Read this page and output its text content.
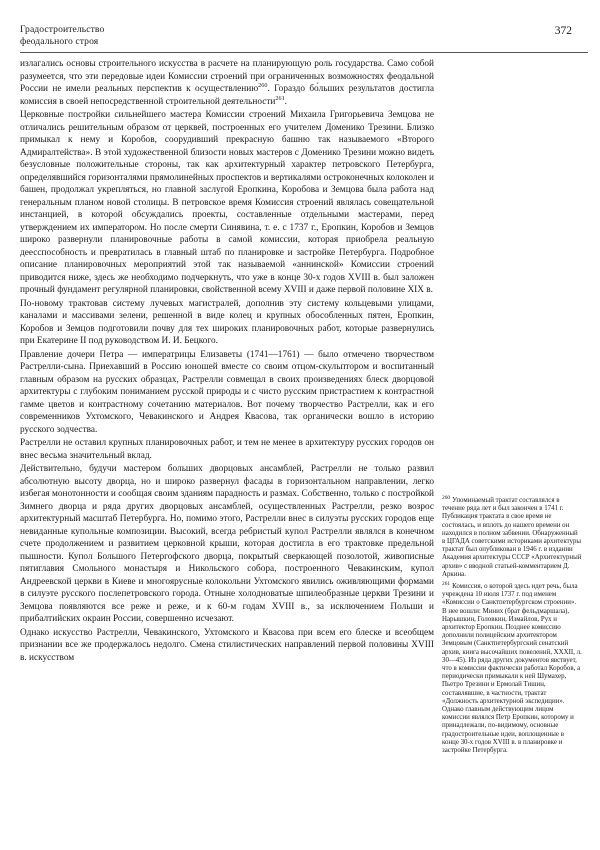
Градостроительство
феодального строя
372

излагались основы строительного искусства в расчете на планирующую роль государства. Само собой разумеется, что эти передовые идеи Комиссии строений при ограниченных возможностях феодальной России не имели реальных перспектив к осуществлению$^{260}$. Гораздо бо́льших результатов достигла комиссия в своей непосредственной строительной деятельности$^{261}$.

Церковные постройки сильнейшего мастера Комиссии строений Михаила Григорьевича Земцова не отличались решительным образом от церквей, построенных его учителем Доменико Трезини. Близко примыкал к нему и Коробов, соорудивший прекрасную башню так называемого «Второго Адмиралтейства». В этой художественной близости новых мастеров с Доменико Трезини можно видеть безусловные положительные стороны, так как архитектурный характер петровского Петербурга, определявшийся горизонталями прямолинейных проспектов и вертикалями остроконечных колоколен и башен, продолжал укрепляться, но главной заслугой Еропкина, Коробова и Земцова была работа над генеральным планом новой столицы. В петровское время Комиссия строений являлась совещательной инстанцией, в которой обсуждались проекты, составленные отдельными мастерами, перед утверждением их императором. Но после смерти Синявина, т. е. с 1737 г., Еропкин, Коробов и Земцов широко развернули планировочные работы в самой комиссии, которая приобрела реальную деесспособность и превратилась в главный штаб по планировке и застройке Петербурга. Подробное описание планировочных мероприятий этой так называемой «аннинской» Комиссии строений приводится ниже, здесь же необходимо подчеркнуть, что уже в конце 30-х годов XVIII в. был заложен прочный фундамент регулярной планировки, свойственной всему XVIII и даже первой половине XIX в.

По-новому трактовав систему лучевых магистралей, дополнив эту систему кольцевыми улицами, каналами и массивами зелени, решенной в виде колец и крупных обособленных пятен, Еропкин, Коробов и Земцов подготовили почву для тех широких планировочных работ, которые развернулись при Екатерине II под руководством И. И. Бецкого.

Правление дочери Петра — императрицы Елизаветы (1741—1761) — было отмечено творчеством Растрелли-сына. Приехавший в Россию юношей вместе со своим отцом-скульптором и воспитанный главным образом на русских образцах, Растрелли совмещал в своих произведениях блеск дворцовой архитектуры с глубоким пониманием русской природы и с чисто русским пристрастием к контрастной гамме цветов и контрастному сочетанию материалов. Вот почему творчество Растрелли, как и его современников Ухтомского, Чевакинского и Андрея Квасова, так органически вошло в историю русского зодчества.

Растрелли не оставил крупных планировочных работ, и тем не менее в архитектуру русских городов он внес весьма значительный вклад.

Действительно, будучи мастером больших дворцовых ансамблей, Растрелли не только развил абсолютную высоту дворца, но и широко развернул фасады в горизонтальном направлении, легко избегая монотонности и сообщая своим зданиям парадность и размах. Собственно, только с постройкой Зимнего дворца и ряда других дворцовых ансамблей, осуществленных Растрелли, резко возрос архитектурный масштаб Петербурга. Но, помимо этого, Растрелли внес в силуэты русских городов еще невиданные купольные композиции. Высокий, всегда ребристый купол Растрелли являлся в конечном счете продолжением и развитием церковной крыши, которая достигла в его трактовке предельной пышности. Купол Большого Петергофского дворца, покрытый сверкающей позолотой, живописные пятиглавия Смольного монастыря и Никольского собора, построенного Чевакинским, купол Андреевской церкви в Киеве и многоярусные колокольни Ухтомского явились оживляющими формами в силуэте русского послепетровского города. Отныне холодноватые шпилеобразные церкви Трезини и Земцова появляются все реже и реже, и к 60-м годам XVIII в., за исключением Польши и прибалтийских окраин России, совершенно исчезают.

Однако искусство Растрелли, Чевакинского, Ухтомского и Квасова при всем его блеске и всеобщем признании все же продержалось недолго. Смена стилистических направлений первой половины XVIII в. искусством

$^{260}$ Упоминаемый трактат составлялся в течение ряда лет и был закончен в 1741 г. Публикация трактата в свое время не состоялась, и вплоть до нашего времени он находился в полном забвении. Обнаруженный в ЦГАДА советскими историками архитектуры трактат был опубликован в 1946 г. в издании Академия архитектуры СССР «Архитектурный архив» с вводной статьей-комментарием Д. Аркина.
$^{261}$ Комиссия, о которой здесь идет речь, была учреждена 10 июля 1737 г. под именем «Комиссии о Санктпетербургском строении». В нее вошли: Миних (брат фельдмаршала), Нарышкин, Головкин, Измайлов, Рух и архитектор Еропкин. Позднее комиссию дополнили полицейским архитектором Земцовым (Санктпетербургский сенатский архив, книга высочайших повелений, XXXII, л. 30—45). Из ряда других документов явствует, что в комиссии фактически работал Коробов, а периодически примыкали к ней Шумахер, Пьетро Трезини и Ермолай Тишин, составлявшие, в частности, трактат «Должность архитектурной экспедиции». Однако главным действующим лицом комиссии являлся Петр Еропкин, которому и принадлежали, по-видимому, основные градостроительные идеи, воплощенные в конце 30-х годов XVIII в. в планировке и застройке Петербурга.
